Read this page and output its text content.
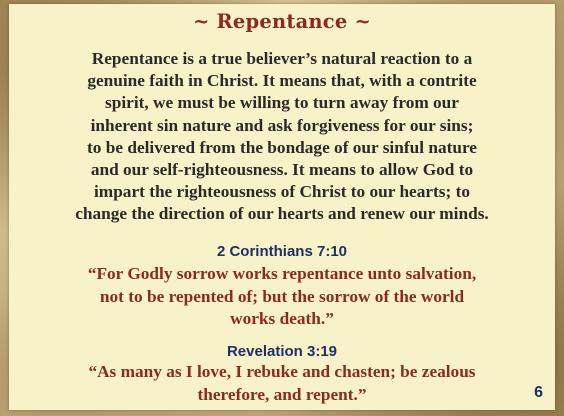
~ Repentance ~

Repentance is a true believer’s natural reaction to a
genuine faith in Christ. It means that, with a contrite
spirit, we must be willing to turn away from our
inherent sin nature and ask forgiveness for our sins;
to be delivered from the bondage of our sinful nature
and our self-righteousness. It means to allow God to
impart the righteousness of Christ to our hearts; to
change the direction of our hearts and renew our minds.

2 Corinthians 7:10

“For Godly sorrow works repentance unto salvation,
not to be repented of; but the sorrow of the world
works death.”

Revelation 3:19

“As many as I love, I rebuke and chasten; be zealous
therefore, and repent.”	6
